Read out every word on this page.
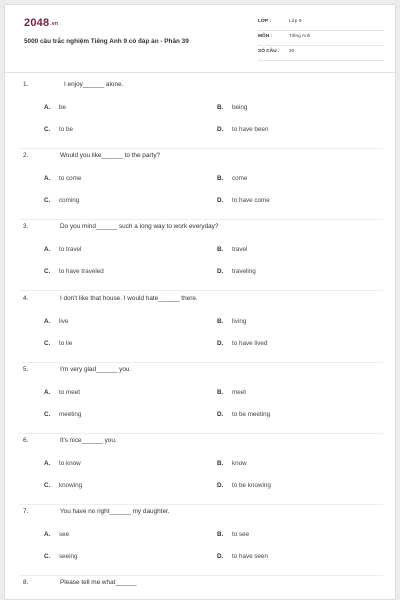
2048.vn
5000 câu trắc nghiệm Tiếng Anh 9 có đáp án - Phần 39
LỚP :	Lớp 9
MÔN :	Tiếng Anh
SỐ CÂU : 20
1.	I enjoy______ alone.
A. be	B. being
C. to be	D. to have been
2.	Would you like______ to the party?
A. to come	B. come
C. coming	D. to have come
3.	Do you mind______ such a long way to work everyday?
A. to travel	B. travel
C. to have traveled	D. traveling
4.	I don't like that house. I would hate______ there.
A. live	B. living
C. to lie	D. to have lived
5.	I'm very glad______ you.
A. to meet	B. meet
C. meeting	D. to be meeting
6.	It's nice______ you.
A. to know	B. know
C. knowing	D. to be knowing
7.	You have no right______ my daughter.
A. see	B. to see
C. seeing	D. to have seen
8.	Please tell me what______
